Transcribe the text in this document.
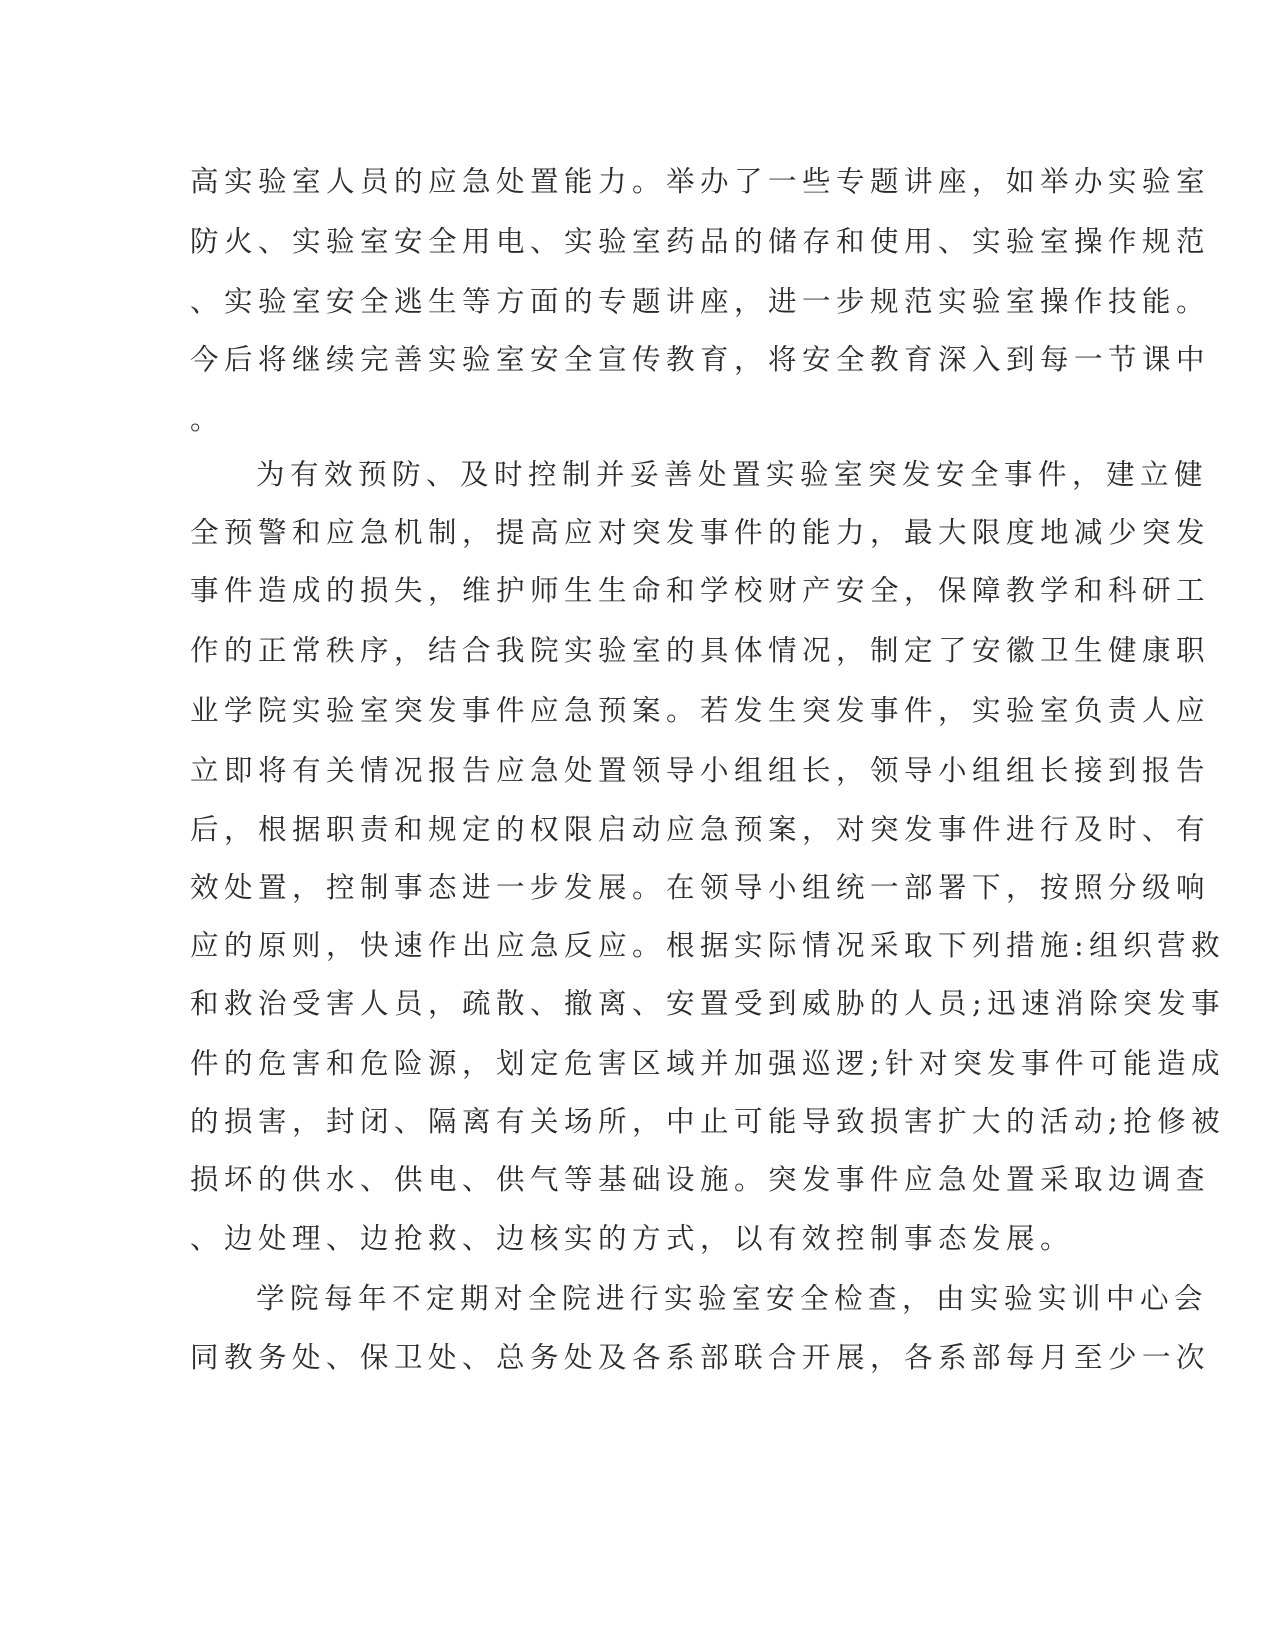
高实验室人员的应急处置能力。举办了一些专题讲座，如举办实验室
防火、实验室安全用电、实验室药品的储存和使用、实验室操作规范
、实验室安全逃生等方面的专题讲座，进一步规范实验室操作技能。
今后将继续完善实验室安全宣传教育，将安全教育深入到每一节课中
。
为有效预防、及时控制并妥善处置实验室突发安全事件，建立健
全预警和应急机制，提高应对突发事件的能力，最大限度地减少突发
事件造成的损失，维护师生生命和学校财产安全，保障教学和科研工
作的正常秩序，结合我院实验室的具体情况，制定了安徽卫生健康职
业学院实验室突发事件应急预案。若发生突发事件，实验室负责人应
立即将有关情况报告应急处置领导小组组长，领导小组组长接到报告
后，根据职责和规定的权限启动应急预案，对突发事件进行及时、有
效处置，控制事态进一步发展。在领导小组统一部署下，按照分级响
应的原则，快速作出应急反应。根据实际情况采取下列措施:组织营救
和救治受害人员，疏散、撤离、安置受到威胁的人员;迅速消除突发事
件的危害和危险源，划定危害区域并加强巡逻;针对突发事件可能造成
的损害，封闭、隔离有关场所，中止可能导致损害扩大的活动;抢修被
损坏的供水、供电、供气等基础设施。突发事件应急处置采取边调查
、边处理、边抢救、边核实的方式，以有效控制事态发展。
学院每年不定期对全院进行实验室安全检查，由实验实训中心会
同教务处、保卫处、总务处及各系部联合开展，各系部每月至少一次
